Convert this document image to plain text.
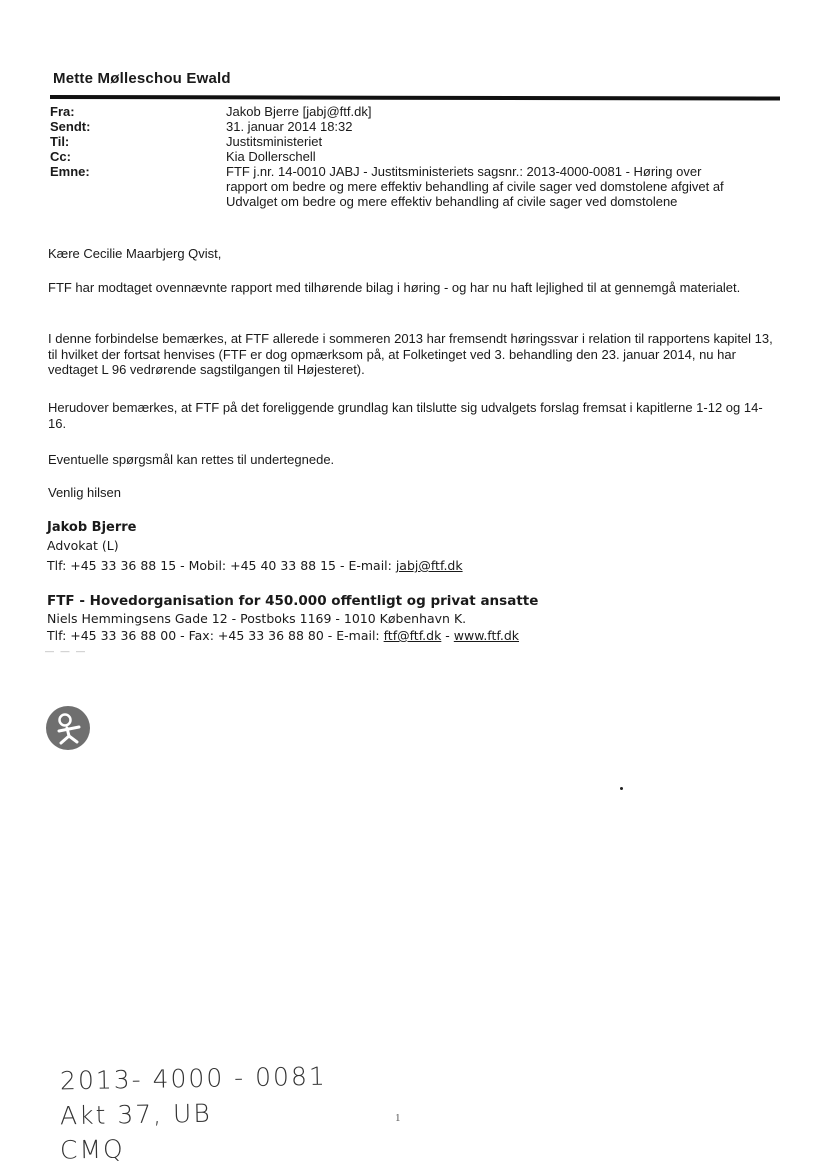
Mette Mølleschou Ewald
Fra:	Jakob Bjerre [jabj@ftf.dk]
Sendt:	31. januar 2014 18:32
Til:	Justitsministeriet
Cc:	Kia Dollerschell
Emne:	FTF j.nr. 14-0010 JABJ - Justitsministeriets sagsnr.: 2013-4000-0081 - Høring over
rapport om bedre og mere effektiv behandling af civile sager ved domstolene afgivet af
Udvalget om bedre og mere effektiv behandling af civile sager ved domstolene
Kære Cecilie Maarbjerg Qvist,
FTF har modtaget ovennævnte rapport med tilhørende bilag i høring - og har nu haft lejlighed til at gennemgå materialet.
I denne forbindelse bemærkes, at FTF allerede i sommeren 2013 har fremsendt høringssvar i relation til rapportens kapitel 13, til hvilket der fortsat henvises (FTF er dog opmærksom på, at Folketinget ved 3. behandling den 23. januar 2014, nu har vedtaget L 96 vedrørende sagstilgangen til Højesteret).
Herudover bemærkes, at FTF på det foreliggende grundlag kan tilslutte sig udvalgets forslag fremsat i kapitlerne 1-12 og 14-16.
Eventuelle spørgsmål kan rettes til undertegnede.
Venlig hilsen
Jakob Bjerre
Advokat (L)
Tlf: +45 33 36 88 15 - Mobil: +45 40 33 88 15 - E-mail: jabj@ftf.dk
FTF - Hovedorganisation for 450.000 offentligt og privat ansatte
Niels Hemmingsens Gade 12 - Postboks 1169 - 1010 København K.
Tlf: +45 33 36 88 00 - Fax: +45 33 36 88 80 - E-mail: ftf@ftf.dk - www.ftf.dk
— — —
2013- 4000 - 0081
Akt 37, UB
CMQ
1
